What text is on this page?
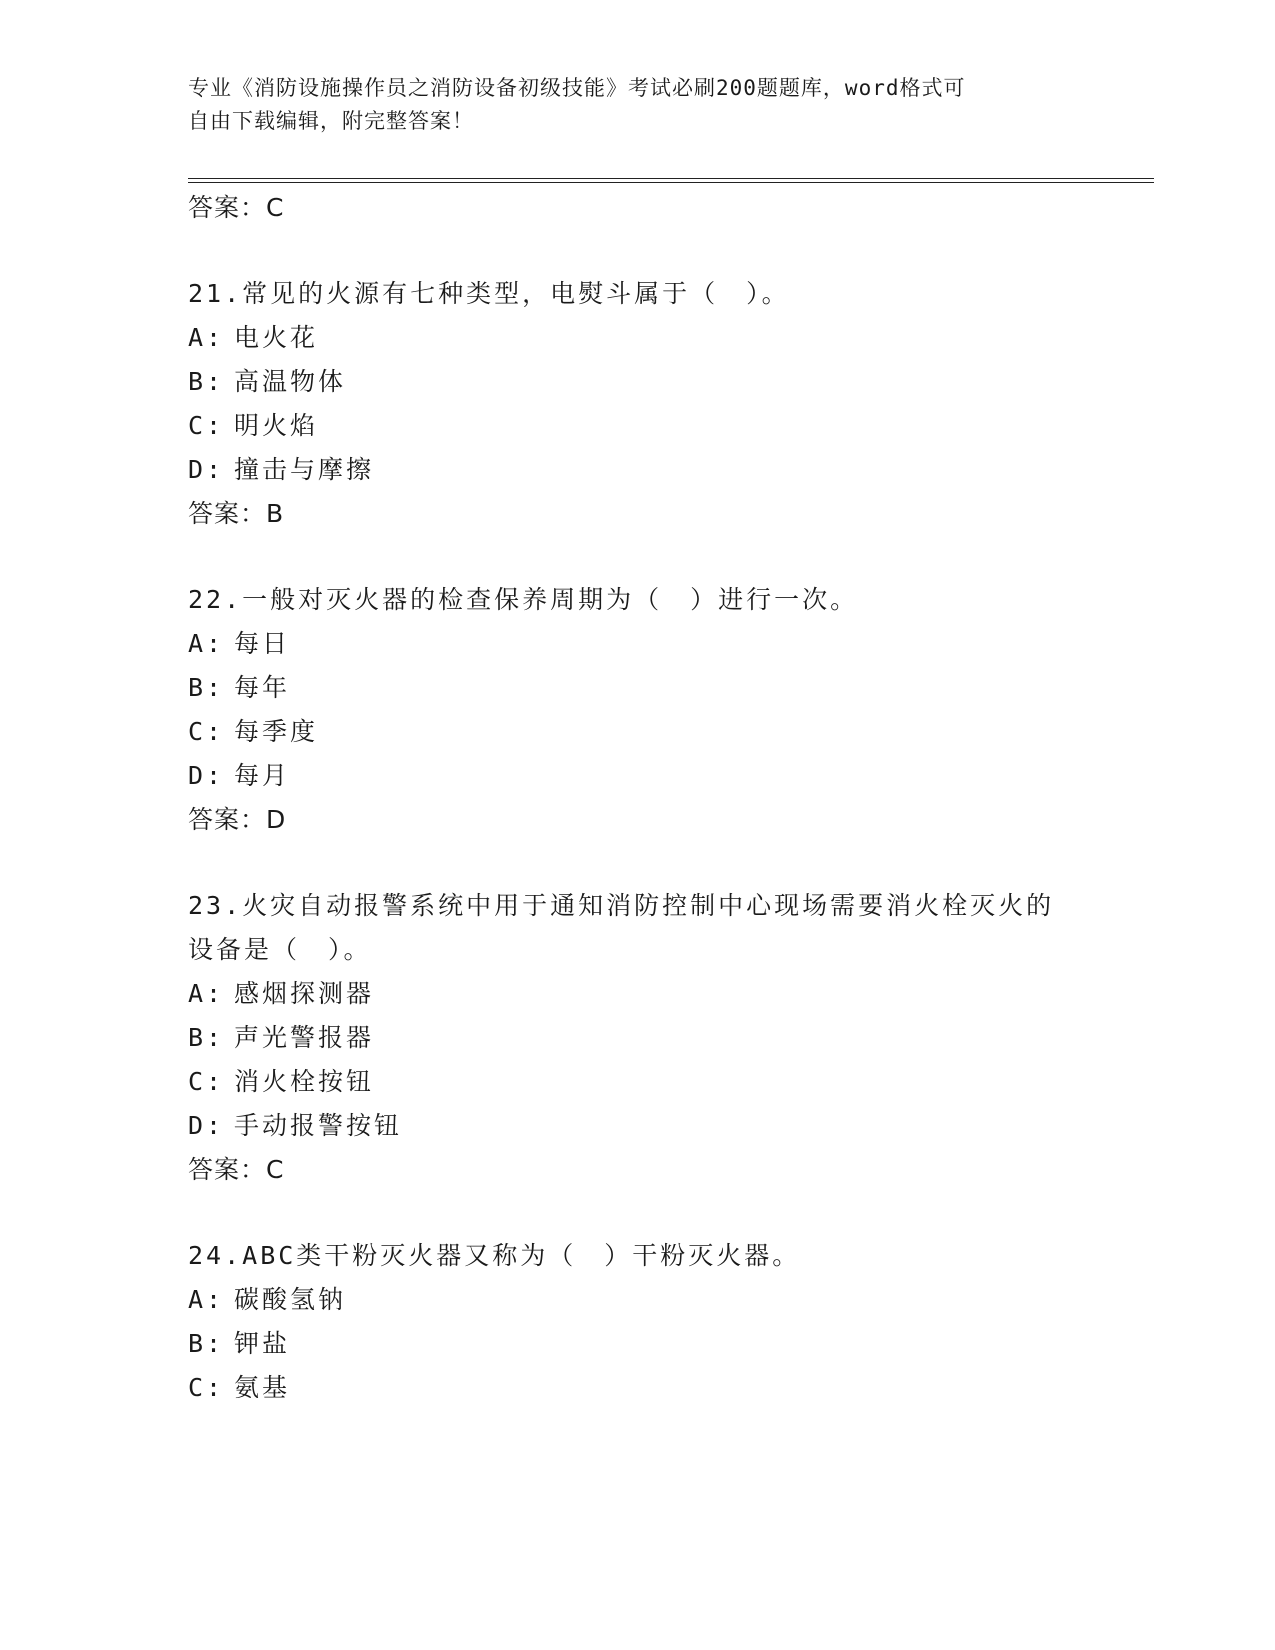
专业《消防设施操作员之消防设备初级技能》考试必刷200题题库，word格式可
自由下载编辑，附完整答案！
答案：C
21.常见的火源有七种类型，电熨斗属于（　）。
A: 电火花
B: 高温物体
C: 明火焰
D: 撞击与摩擦
答案：B
22.一般对灭火器的检查保养周期为（　）进行一次。
A: 每日
B: 每年
C: 每季度
D: 每月
答案：D
23.火灾自动报警系统中用于通知消防控制中心现场需要消火栓灭火的
设备是（　）。
A: 感烟探测器
B: 声光警报器
C: 消火栓按钮
D: 手动报警按钮
答案：C
24.ABC类干粉灭火器又称为（　）干粉灭火器。
A: 碳酸氢钠
B: 钾盐
C: 氨基
